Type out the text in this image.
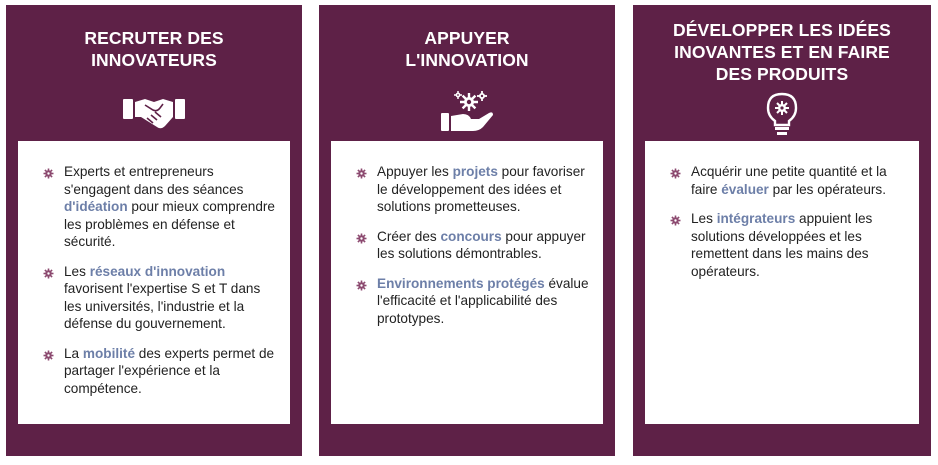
RECRUTER DES
INNOVATEURS
Experts et entrepreneurs s'engagent dans des séances d'idéation pour mieux comprendre les problèmes en défense et sécurité.
Les réseaux d'innovation favorisent l'expertise S et T dans les universités, l'industrie et la défense du gouvernement.
La mobilité des experts permet de partager l'expérience et la compétence.
APPUYER
L'INNOVATION
Appuyer les projets pour favoriser le développement des idées et solutions prometteuses.
Créer des concours pour appuyer les solutions démontrables.
Environnements protégés évalue l'efficacité et l'applicabilité des prototypes.
DÉVELOPPER LES IDÉES
INOVANTES ET EN FAIRE
DES PRODUITS
Acquérir une petite quantité et la faire évaluer par les opérateurs.
Les intégrateurs appuient les solutions développées et les remettent dans les mains des opérateurs.
